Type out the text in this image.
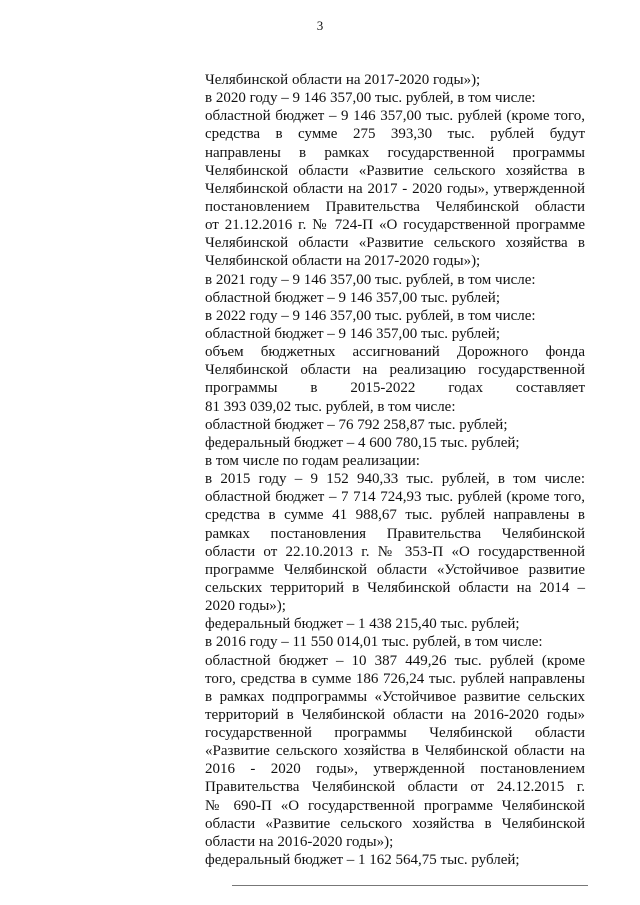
3
Челябинской области на 2017-2020 годы»);
в 2020 году – 9 146 357,00 тыс. рублей, в том числе:
областной бюджет – 9 146 357,00 тыс. рублей (кроме того,
средства в сумме 275 393,30 тыс. рублей будут
направлены в рамках государственной программы
Челябинской области «Развитие сельского хозяйства в
Челябинской области на 2017 - 2020 годы», утвержденной
постановлением Правительства Челябинской области
от 21.12.2016 г. № 724-П «О государственной программе
Челябинской области «Развитие сельского хозяйства в
Челябинской области на 2017-2020 годы»);
в 2021 году – 9 146 357,00 тыс. рублей, в том числе:
областной бюджет – 9 146 357,00 тыс. рублей;
в 2022 году – 9 146 357,00 тыс. рублей, в том числе:
областной бюджет – 9 146 357,00 тыс. рублей;
объем бюджетных ассигнований Дорожного фонда
Челябинской области на реализацию государственной
программы в 2015-2022 годах составляет
81 393 039,02 тыс. рублей, в том числе:
областной бюджет – 76 792 258,87 тыс. рублей;
федеральный бюджет – 4 600 780,15 тыс. рублей;
в том числе по годам реализации:
в 2015 году – 9 152 940,33 тыс. рублей, в том числе:
областной бюджет – 7 714 724,93 тыс. рублей (кроме того,
средства в сумме 41 988,67 тыс. рублей направлены в
рамках постановления Правительства Челябинской
области от 22.10.2013 г. № 353-П «О государственной
программе Челябинской области «Устойчивое развитие
сельских территорий в Челябинской области на 2014 –
2020 годы»);
федеральный бюджет – 1 438 215,40 тыс. рублей;
в 2016 году – 11 550 014,01 тыс. рублей, в том числе:
областной бюджет – 10 387 449,26 тыс. рублей (кроме
того, средства в сумме 186 726,24 тыс. рублей направлены
в рамках подпрограммы «Устойчивое развитие сельских
территорий в Челябинской области на 2016-2020 годы»
государственной программы Челябинской области
«Развитие сельского хозяйства в Челябинской области на
2016 - 2020 годы», утвержденной постановлением
Правительства Челябинской области от 24.12.2015 г.
№ 690-П «О государственной программе Челябинской
области «Развитие сельского хозяйства в Челябинской
области на 2016-2020 годы»);
федеральный бюджет – 1 162 564,75 тыс. рублей;
